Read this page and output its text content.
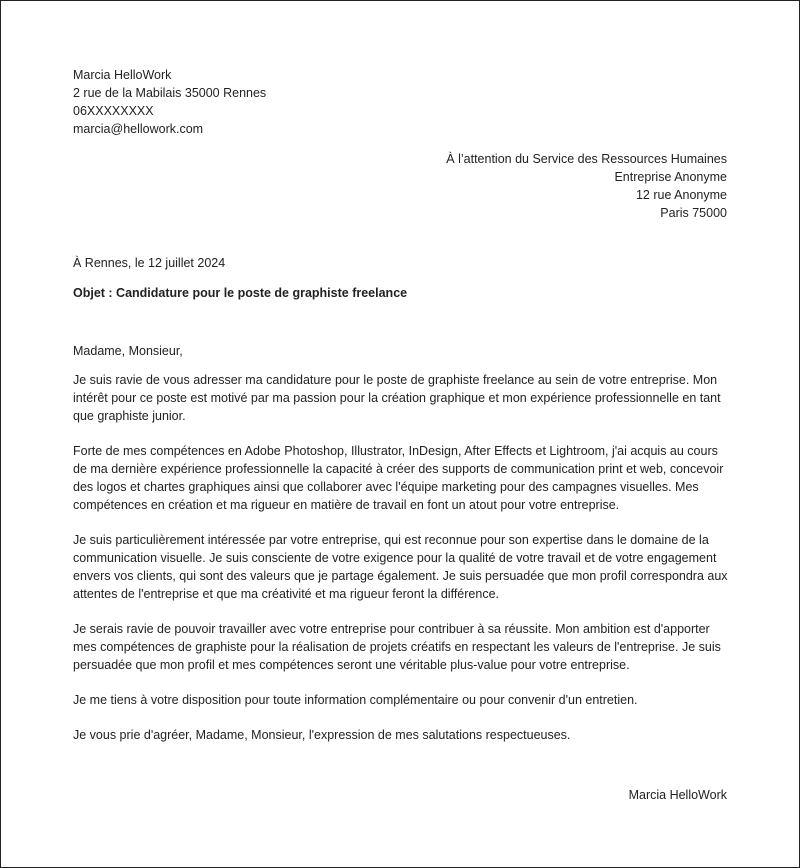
Marcia HelloWork
2 rue de la Mabilais 35000 Rennes
06XXXXXXXX
marcia@hellowork.com
À l’attention du Service des Ressources Humaines
Entreprise Anonyme
12 rue Anonyme
Paris 75000
À Rennes, le 12 juillet 2024
Objet : Candidature pour le poste de graphiste freelance

Madame, Monsieur,

Je suis ravie de vous adresser ma candidature pour le poste de graphiste freelance au sein de votre entreprise. Mon intérêt pour ce poste est motivé par ma passion pour la création graphique et mon expérience professionnelle en tant que graphiste junior.

Forte de mes compétences en Adobe Photoshop, Illustrator, InDesign, After Effects et Lightroom, j'ai acquis au cours de ma dernière expérience professionnelle la capacité à créer des supports de communication print et web, concevoir des logos et chartes graphiques ainsi que collaborer avec l'équipe marketing pour des campagnes visuelles. Mes compétences en création et ma rigueur en matière de travail en font un atout pour votre entreprise.

Je suis particulièrement intéressée par votre entreprise, qui est reconnue pour son expertise dans le domaine de la communication visuelle. Je suis consciente de votre exigence pour la qualité de votre travail et de votre engagement envers vos clients, qui sont des valeurs que je partage également. Je suis persuadée que mon profil correspondra aux attentes de l'entreprise et que ma créativité et ma rigueur feront la différence.

Je serais ravie de pouvoir travailler avec votre entreprise pour contribuer à sa réussite. Mon ambition est d'apporter mes compétences de graphiste pour la réalisation de projets créatifs en respectant les valeurs de l'entreprise. Je suis persuadée que mon profil et mes compétences seront une véritable plus-value pour votre entreprise.

Je me tiens à votre disposition pour toute information complémentaire ou pour convenir d'un entretien.

Je vous prie d'agréer, Madame, Monsieur, l'expression de mes salutations respectueuses.

Marcia HelloWork
